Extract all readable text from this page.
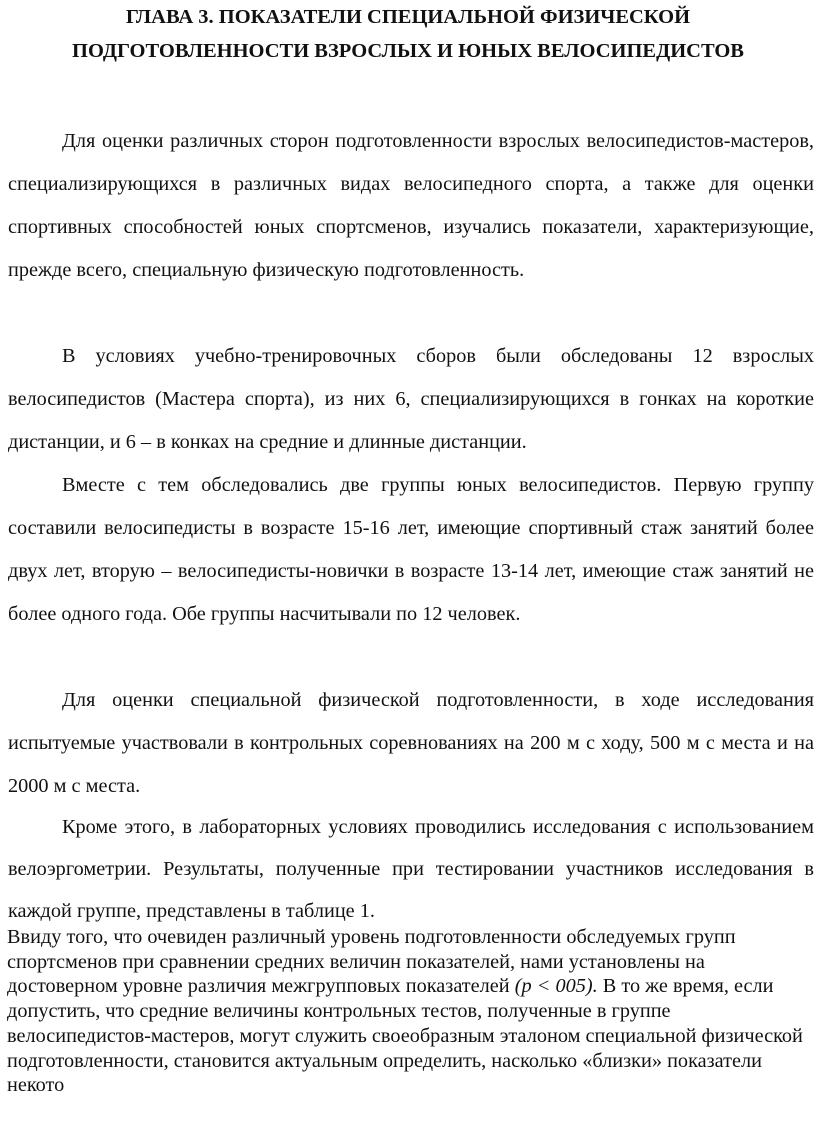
ГЛАВА 3. ПОКАЗАТЕЛИ СПЕЦИАЛЬНОЙ ФИЗИЧЕСКОЙ
ПОДГОТОВЛЕННОСТИ ВЗРОСЛЫХ И ЮНЫХ ВЕЛОСИПЕДИСТОВ

Для оценки различных сторон подготовленности взрослых велосипедистов-мастеров, специализирующихся в различных видах велосипедного спорта, а также для оценки спортивных способностей юных спортсменов, изучались показатели, характеризующие, прежде всего, специальную физическую подготовленность.

В условиях учебно-тренировочных сборов были обследованы 12 взрослых велосипедистов (Мастера спорта), из них 6, специализирующихся в гонках на короткие дистанции, и 6 – в конках на средние и длинные дистанции.

Вместе с тем обследовались две группы юных велосипедистов. Первую группу составили велосипедисты в возрасте 15-16 лет, имеющие спортивный стаж занятий более двух лет, вторую – велосипедисты-новички в возрасте 13-14 лет, имеющие стаж занятий не более одного года. Обе группы насчитывали по 12 человек.

Для оценки специальной физической подготовленности, в ходе исследования испытуемые участвовали в контрольных соревнованиях на 200 м с ходу, 500 м с места и на 2000 м с места.

Кроме этого, в лабораторных условиях проводились исследования с использованием велоэргометрии. Результаты, полученные при тестировании участников исследования в каждой группе, представлены в таблице 1.

Ввиду того, что очевиден различный уровень подготовленности обследуемых групп спортсменов при сравнении средних величин показателей, нами установлены на достоверном уровне различия межгрупповых показателей (р < 005). В то же время, если допустить, что средние величины контрольных тестов, полученные в группе велосипедистов-мастеров, могут служить своеобразным эталоном специальной физической подготовленности, становится актуальным определить, насколько «близки» показатели некото
